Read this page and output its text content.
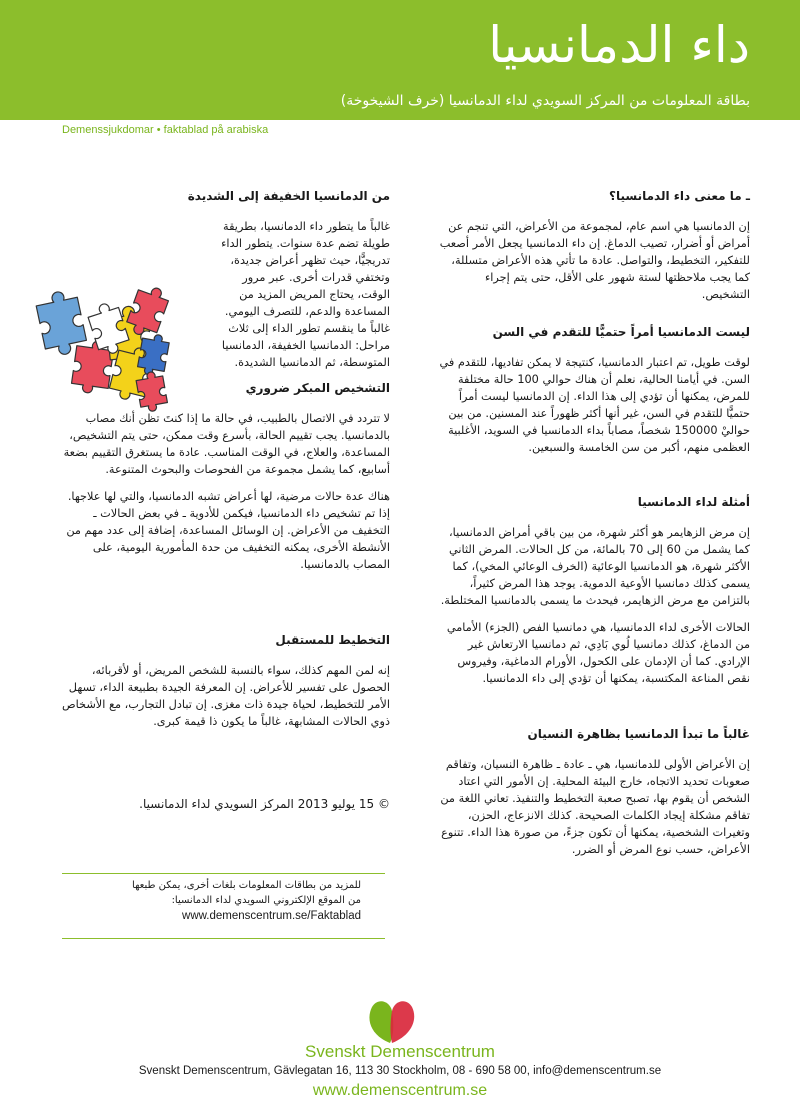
داء الدمانسيا
بطاقة المعلومات من المركز السويدي لداء الدمانسيا (خرف الشيخوخة)
Demenssjukdomar • faktablad på arabiska
ـ ما معنى داء الدمانسيا؟

إن الدمانسيا هي اسم عام، لمجموعة من الأعراض، التي تنجم عن أمراض أو أضرار، تصيب الدماغ. إن داء الدمانسيا يجعل الأمر أصعب للتفكير، التخطيط، والتواصل. عادة ما تأتي هذه الأعراض متسللة، كما يجب ملاحظتها لستة شهور على الأقل، حتى يتم إجراء التشخيص.

ليست الدمانسيا أمراً حتميًّا للتقدم في السن

لوقت طويل، تم اعتبار الدمانسيا، كنتيجة لا يمكن تفاديها، للتقدم في السن. في أيامنا الحالية، نعلم أن هناك حوالي 100 حالة مختلفة للمرض، يمكنها أن تؤدي إلى هذا الداء. إن الدمانسيا ليست أمراً حتميًّا للتقدم في السن، غير أنها أكثر ظهوراً عند المسنين. من بين حواليْ 150000 شخصاً، مصاباً بداء الدمانسيا في السويد، الأغلبية العظمى منهم، أكبر من سن الخامسة والسبعين.

أمثلة لداء الدمانسيا

إن مرض الزهايمر هو أكثر شهرة، من بين باقي أمراض الدمانسيا، كما يشمل من 60 إلى 70 بالمائة، من كل الحالات. المرض الثاني الأكثر شهرة، هو الدمانسيا الوعائية (الخرف الوعائي المخي)، كما يسمى كذلك دمانسيا الأوعية الدموية. يوجد هذا المرض كثيراً، بالتزامن مع مرض الزهايمر، فيحدث ما يسمى بالدمانسيا المختلطة.

الحالات الأخرى لداء الدمانسيا، هي دمانسيا الفص (الجزء) الأمامي من الدماغ، كذلك دمانسيا لُوي بَادِي، ثم دمانسيا الارتعاش غير الإرادي. كما أن الإدمان على الكحول، الأورام الدماغية، وفيروس نقص المناعة المكتسبة، يمكنها أن تؤدي إلى داء الدمانسيا.

غالباً ما تبدأ الدمانسيا بظاهرة النسيان

إن الأعراض الأولى للدمانسيا، هي ـ عادة ـ ظاهرة النسيان، وتفاقم صعوبات تحديد الاتجاه، خارج البيئة المحلية. إن الأمور التي اعتاد الشخص أن يقوم بها، تصبح صعبة التخطيط والتنفيذ. تعاني اللغة من تفاقم مشكلة إيجاد الكلمات الصحيحة. كذلك الانزعاج، الحزن، وتغيرات الشخصية، يمكنها أن تكون جزءً، من صورة هذا الداء. تتنوع الأعراض، حسب نوع المرض أو الضرر.

من الدمانسيا الخفيفة إلى الشديدة

غالباً ما يتطور داء الدمانسيا، بطريقة طويلة تضم عدة سنوات. يتطور الداء تدريجيًّا، حيث تظهر أعراض جديدة، وتختفي قدرات أخرى. عبر مرور الوقت، يحتاج المريض المزيد من المساعدة والدعم، للتصرف اليومي. غالباً ما ينقسم تطور الداء إلى ثلاث مراحل: الدمانسيا الخفيفة، الدمانسيا المتوسطة، ثم الدمانسيا الشديدة.

التشخيص المبكر ضروري

لا تتردد في الاتصال بالطبيب، في حالة ما إذا كنتَ تظن أنك مصاب بالدمانسيا. يجب تقييم الحالة، بأسرع وقت ممكن، حتى يتم التشخيص، المساعدة، والعلاج، في الوقت المناسب. عادة ما يستغرق التقييم بضعة أسابيع، كما يشمل مجموعة من الفحوصات والبحوث المتنوعة.

هناك عدة حالات مرضية، لها أعراض تشبه الدمانسيا، والتي لها علاجها. إذا تم تشخيص داء الدمانسيا، فيكمن للأدوية ـ في بعض الحالات ـ التخفيف من الأعراض. إن الوسائل المساعدة، إضافة إلى عدد مهم من الأنشطة الأخرى، يمكنه التخفيف من حدة المأمورية اليومية، على المصاب بالدمانسيا.

التخطيط للمستقبل

إنه لمن المهم كذلك، سواء بالنسبة للشخص المريض، أو لأقربائه، الحصول على تفسير للأعراض. إن المعرفة الجيدة بطبيعة الداء، تسهل الأمر للتخطيط، لحياة جيدة ذات مغزى. إن تبادل التجارب، مع الأشخاص ذوي الحالات المشابهة، غالباً ما يكون ذا قيمة كبرى.

© 15 يوليو 2013 المركز السويدي لداء الدمانسيا.
للمزيد من بطاقات المعلومات بلغات أخرى، يمكن طبعها
من الموقع الإلكتروني السويدي لداء الدمانسيا:
www.demenscentrum.se/Faktablad
Svenskt Demenscentrum
Svenskt Demenscentrum, Gävlegatan 16, 113 30 Stockholm, 08 - 690 58 00, info@demenscentrum.se
www.demenscentrum.se
